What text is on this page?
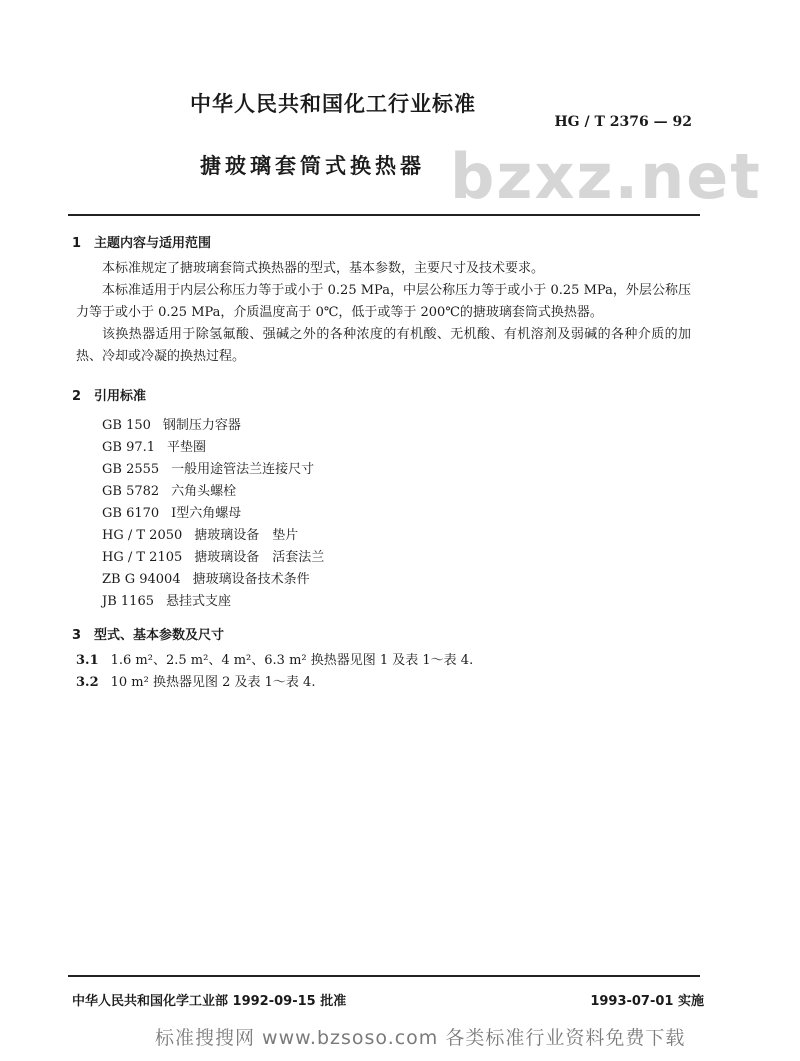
中华人民共和国化工行业标准
HG / T 2376 — 92
搪玻璃套筒式换热器 bzxz.net
1 主题内容与适用范围
本标准规定了搪玻璃套筒式换热器的型式，基本参数，主要尺寸及技术要求。
本标准适用于内层公称压力等于或小于 0.25 MPa，中层公称压力等于或小于 0.25 MPa，外层公称压力等于或小于 0.25 MPa，介质温度高于 0℃，低于或等于 200℃的搪玻璃套筒式换热器。
该换热器适用于除氢氟酸、强碱之外的各种浓度的有机酸、无机酸、有机溶剂及弱碱的各种介质的加热、冷却或冷凝的换热过程。
2 引用标准
GB 150 钢制压力容器
GB 97.1 平垫圈
GB 2555 一般用途管法兰连接尺寸
GB 5782 六角头螺栓
GB 6170 Ⅰ型六角螺母
HG / T 2050 搪玻璃设备　垫片
HG / T 2105 搪玻璃设备　活套法兰
ZB G 94004 搪玻璃设备技术条件
JB 1165 悬挂式支座
3 型式、基本参数及尺寸
3.1 1.6 m²、2.5 m²、4 m²、6.3 m² 换热器见图 1 及表 1～表 4.
3.2 10 m² 换热器见图 2 及表 1～表 4.
中华人民共和国化学工业部 1992-09-15 批准	1993-07-01 实施
标准搜搜网 www.bzsoso.com 各类标准行业资料免费下载
